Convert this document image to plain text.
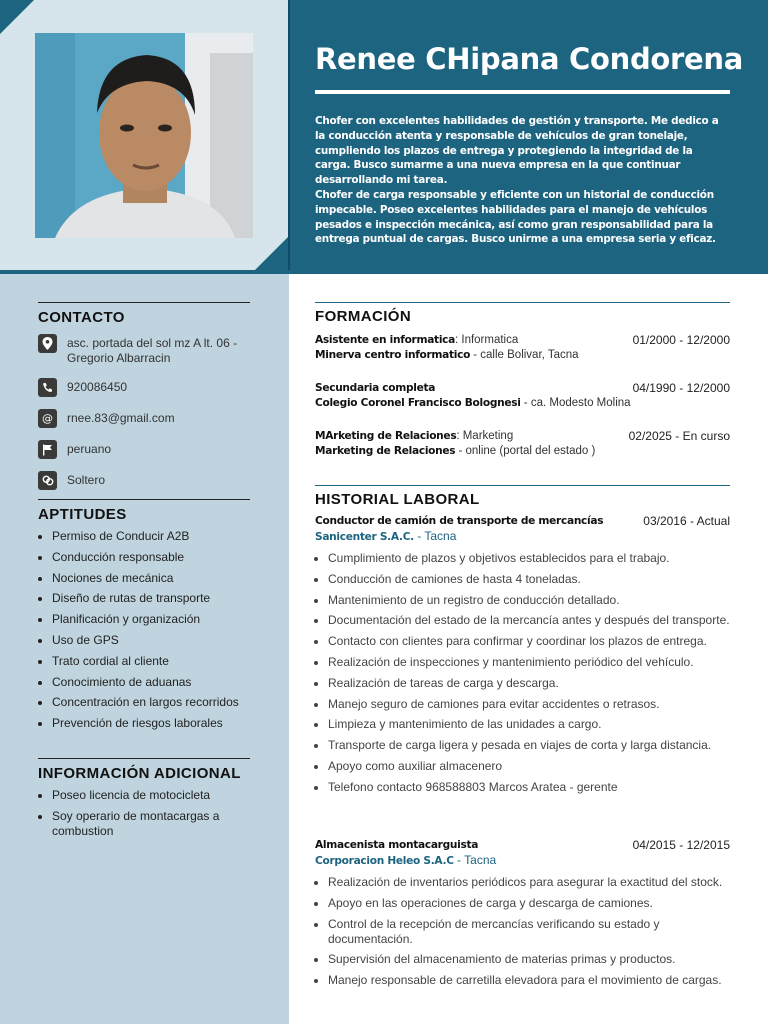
Renee CHipana Condorena

Chofer con excelentes habilidades de gestión y transporte. Me dedico a la conducción atenta y responsable de vehículos de gran tonelaje, cumpliendo los plazos de entrega y protegiendo la integridad de la carga. Busco sumarme a una nueva empresa en la que continuar desarrollando mi tarea.

Chofer de carga responsable y eficiente con un historial de conducción impecable. Poseo excelentes habilidades para el manejo de vehículos pesados e inspección mecánica, así como gran responsabilidad para la entrega puntual de cargas. Busco unirme a una empresa seria y eficaz.

CONTACTO
asc. portada del sol mz A lt. 06 - Gregorio Albarracin
920086450
@ rnee.83@gmail.com
peruano
Soltero
APTITUDES
• Permiso de Conducir A2B
• Conducción responsable
• Nociones de mecánica
• Diseño de rutas de transporte
• Planificación y organización
• Uso de GPS
• Trato cordial al cliente
• Conocimiento de aduanas
• Concentración en largos recorridos
• Prevención de riesgos laborales
INFORMACIÓN ADICIONAL
• Poseo licencia de motocicleta
• Soy operario de montacargas a combustion
FORMACIÓN
Asistente en informatica: Informatica	01/2000 - 12/2000
Minerva centro informatico - calle Bolivar, Tacna
Secundaria completa	04/1990 - 12/2000
Colegio Coronel Francisco Bolognesi - ca. Modesto Molina
MArketing de Relaciones: Marketing	02/2025 - En curso
Marketing de Relaciones - online (portal del estado )
HISTORIAL LABORAL
Conductor de camión de transporte de mercancías	03/2016 - Actual
Sanicenter S.A.C. - Tacna
• Cumplimiento de plazos y objetivos establecidos para el trabajo.
• Conducción de camiones de hasta 4 toneladas.
• Mantenimiento de un registro de conducción detallado.
• Documentación del estado de la mercancía antes y después del transporte.
• Contacto con clientes para confirmar y coordinar los plazos de entrega.
• Realización de inspecciones y mantenimiento periódico del vehículo.
• Realización de tareas de carga y descarga.
• Manejo seguro de camiones para evitar accidentes o retrasos.
• Limpieza y mantenimiento de las unidades a cargo.
• Transporte de carga ligera y pesada en viajes de corta y larga distancia.
• Apoyo como auxiliar almacenero
• Telefono contacto 968588803 Marcos Aratea - gerente
Almacenista montacarguista	04/2015 - 12/2015
Corporacion Heleo S.A.C - Tacna
• Realización de inventarios periódicos para asegurar la exactitud del stock.
• Apoyo en las operaciones de carga y descarga de camiones.
• Control de la recepción de mercancías verificando su estado y documentación.
• Supervisión del almacenamiento de materias primas y productos.
• Manejo responsable de carretilla elevadora para el movimiento de cargas.
